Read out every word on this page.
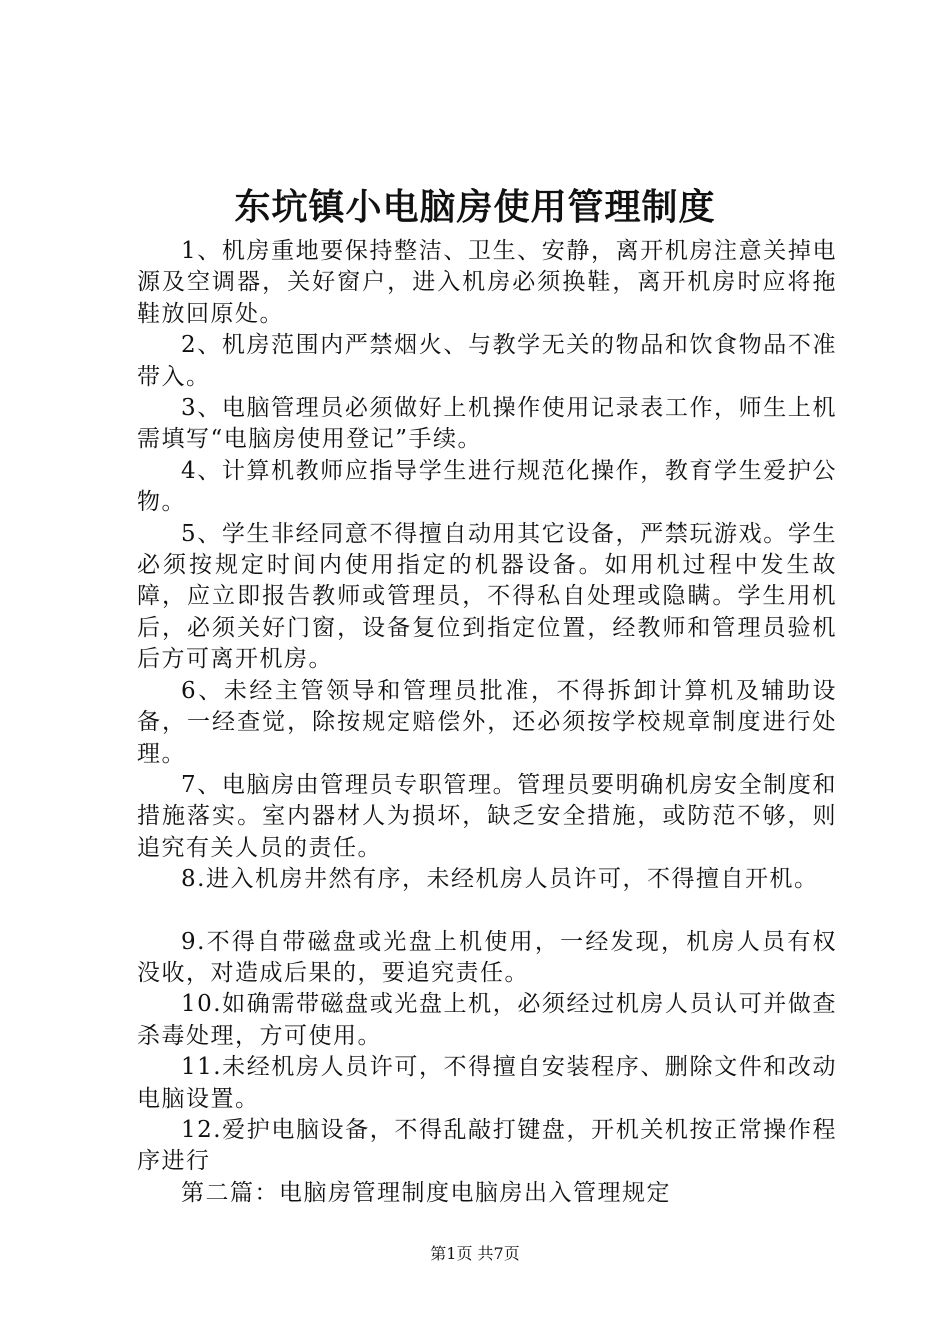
东坑镇小电脑房使用管理制度

1、机房重地要保持整洁、卫生、安静，离开机房注意关掉电源及空调器，关好窗户，进入机房必须换鞋，离开机房时应将拖鞋放回原处。

2、机房范围内严禁烟火、与教学无关的物品和饮食物品不准带入。

3、电脑管理员必须做好上机操作使用记录表工作，师生上机需填写“电脑房使用登记”手续。

4、计算机教师应指导学生进行规范化操作，教育学生爱护公物。

5、学生非经同意不得擅自动用其它设备，严禁玩游戏。学生必须按规定时间内使用指定的机器设备。如用机过程中发生故障，应立即报告教师或管理员，不得私自处理或隐瞒。学生用机后，必须关好门窗，设备复位到指定位置，经教师和管理员验机后方可离开机房。

6、未经主管领导和管理员批准，不得拆卸计算机及辅助设备，一经查觉，除按规定赔偿外，还必须按学校规章制度进行处理。

7、电脑房由管理员专职管理。管理员要明确机房安全制度和措施落实。室内器材人为损坏，缺乏安全措施，或防范不够，则追究有关人员的责任。

8.进入机房井然有序，未经机房人员许可，不得擅自开机。

9.不得自带磁盘或光盘上机使用，一经发现，机房人员有权没收，对造成后果的，要追究责任。

10.如确需带磁盘或光盘上机，必须经过机房人员认可并做查杀毒处理，方可使用。

11.未经机房人员许可，不得擅自安装程序、删除文件和改动电脑设置。

12.爱护电脑设备，不得乱敲打键盘，开机关机按正常操作程序进行

第二篇：电脑房管理制度电脑房出入管理规定

第1页 共7页
